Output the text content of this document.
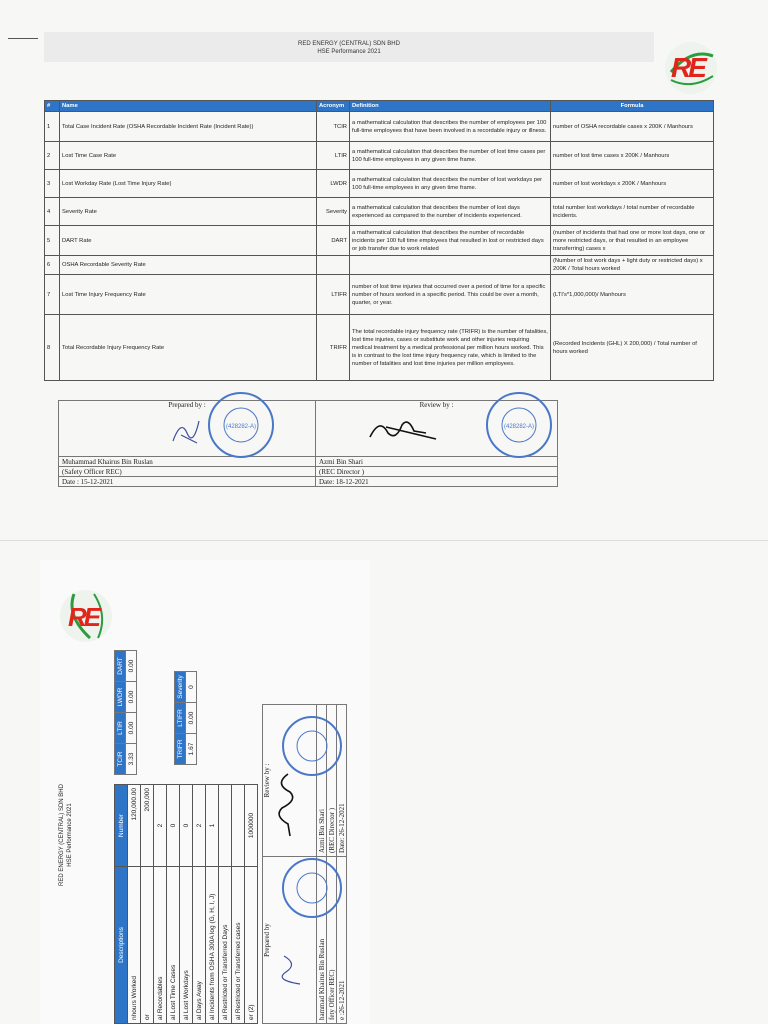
RED ENERGY (CENTRAL) SDN BHD
HSE Performance 2021	RE
#	Name	Acronym	Definition	Formula
1	Total Case Incident Rate (OSHA Recordable Incident Rate (Incident Rate))	TCIR	a mathematical calculation that describes the number of employees per 100 full-time employees that have been involved in a recordable injury or illness.	number of OSHA recordable cases x 200K / Manhours
2	Lost Time Case Rate	LTIR	a mathematical calculation that describes the number of lost time cases per 100 full-time employees in any given time frame.	number of lost time cases x 200K / Manhours
3	Lost Workday Rate (Lost Time Injury Rate)	LWDR	a mathematical calculation that describes the number of lost workdays per 100 full-time employees in any given time frame.	number of lost workdays x 200K / Manhours
4	Severity Rate	Severity	a mathematical calculation that describes the number of lost days experienced as compared to the number of incidents experienced.	total number lost workdays / total number of recordable incidents.
5	DART Rate	DART	a mathematical calculation that describes the number of recordable incidents per 100 full time employees that resulted in lost or restricted days or job transfer due to work related	(number of incidents that had one or more lost days, one or more restricted days, or that resulted in an employee transferring) cases x
6	OSHA Recordable Severity Rate			(Number of lost work days + light duty or restricted days) x 200K / Total hours worked
7	Lost Time Injury Frequency Rate	LTIFR	number of lost time injuries that occurred over a period of time for a specific number of hours worked in a specific period. This could be over a month, quarter, or year.	(LTI's*1,000,000)/ Manhours
8	Total Recordable Injury Frequency Rate	TRIFR	The total recordable injury frequency rate (TRIFR) is the number of fatalities, lost time injuries, cases or substitute work and other injuries requiring medical treatment by a medical professional per million hours worked. This is in contrast to the lost time injury frequency rate, which is limited to the number of fatalities and lost time injuries per million employees.	(Recorded Incidents (GHL) X 200,000) / Total number of hours worked
Prepared by :	Review by :

Muhammad Khairus Bin Ruslan	Azmi Bin Shari
(Safety Officer REC)	(REC Director )
Date : 15-12-2021	Date: 18-12-2021
(428282-A)	(428282-A)
RE
RED ENERGY (CENTRAL) SDN BHD HSE Performance 2021
TCIR	LTIR	LWDR	DART
3.33	0.00	0.00	0.00
TRIFR	LTIFR	Severity
1.67	0.00	0
Descriptions	Number
nhours Worked	120,000.00
or	200,000
al Recordables	2
al Lost Time Cases	0
al Lost Workdays	0
al Days Away	2
al Incidents from OSHA 300A log (G, H, I, J)	1
al Restricted or Transferred Days	
al Restricted or Transferred cases	
er (2)	1000000
Prepared by	Review by :
hammad Khairus Bin Ruslan	Azmi Bin Shari
fety Officer REC)	(REC Director )
e :26-12-2021	Date: 26-12-2021
